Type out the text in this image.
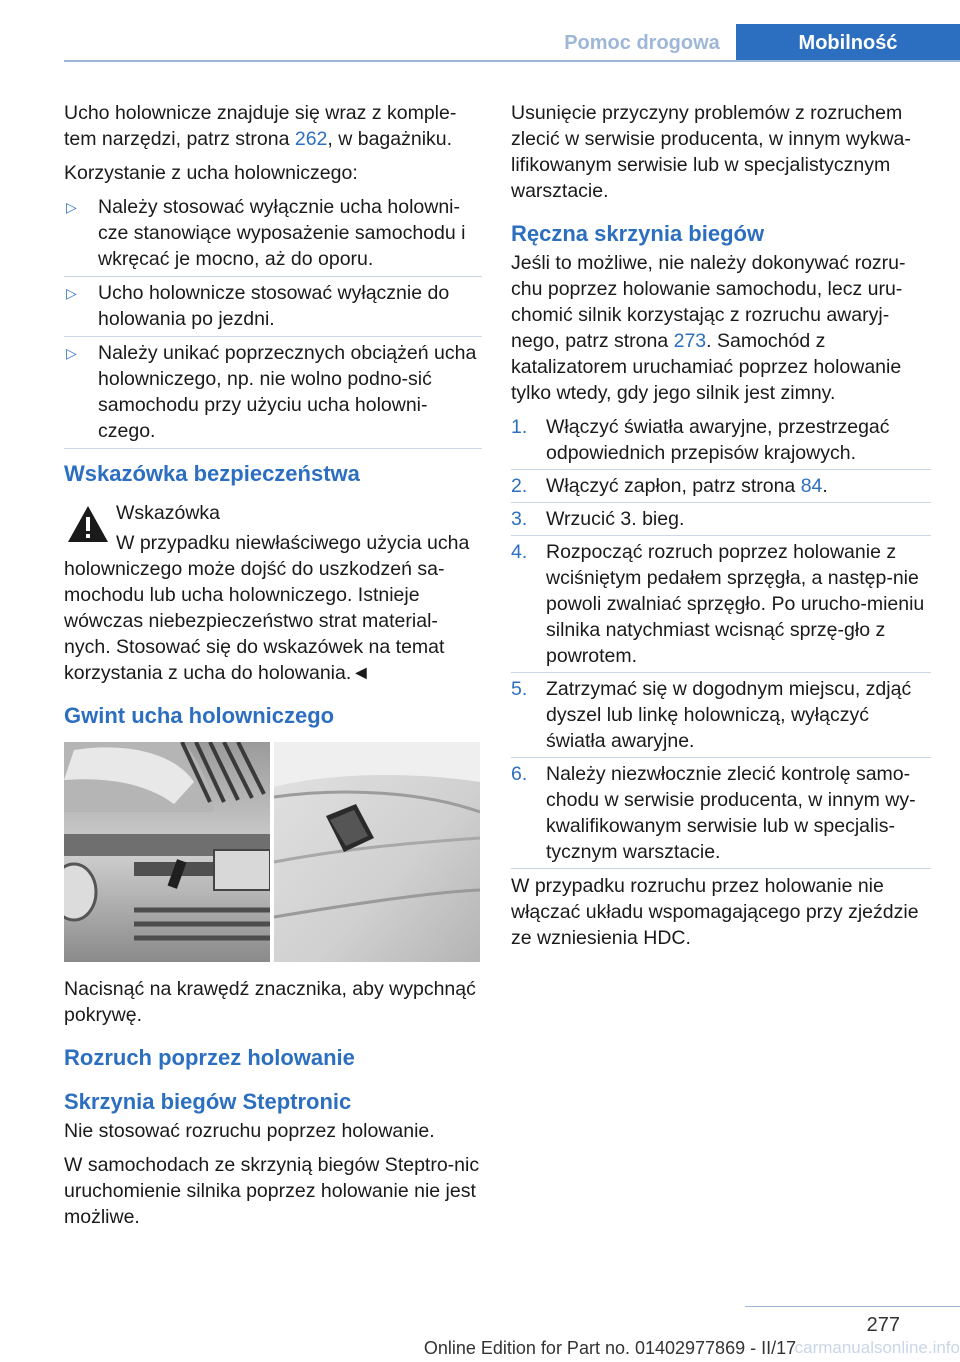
Pomoc drogowa	Mobilność

Ucho holownicze znajduje się wraz z komple-tem narzędzi, patrz strona 262, w bagażniku.

Korzystanie z ucha holowniczego:

▷ Należy stosować wyłącznie ucha holowni-cze stanowiące wyposażenie samochodu i wkręcać je mocno, aż do oporu.
▷ Ucho holownicze stosować wyłącznie do holowania po jezdni.
▷ Należy unikać poprzecznych obciążeń ucha holowniczego, np. nie wolno podno-sić samochodu przy użyciu ucha holowni-czego.
Wskazówka bezpieczeństwa
Wskazówka

W przypadku niewłaściwego użycia ucha
holowniczego może dojść do uszkodzeń sa-mochodu lub ucha holowniczego. Istnieje wówczas niebezpieczeństwo strat material-nych. Stosować się do wskazówek na temat korzystania z ucha do holowania.◄

Gwint ucha holowniczego

Nacisnąć na krawędź znacznika, aby wypchnąć pokrywę.

Rozruch poprzez holowanie
Skrzynia biegów Steptronic

Nie stosować rozruchu poprzez holowanie.

W samochodach ze skrzynią biegów Steptro-nic uruchomienie silnika poprzez holowanie nie jest możliwe.

Usunięcie przyczyny problemów z rozruchem zlecić w serwisie producenta, w innym wykwa-lifikowanym serwisie lub w specjalistycznym warsztacie.

Ręczna skrzynia biegów

Jeśli to możliwe, nie należy dokonywać rozru-chu poprzez holowanie samochodu, lecz uru-chomić silnik korzystając z rozruchu awaryj-nego, patrz strona 273. Samochód z katalizatorem uruchamiać poprzez holowanie tylko wtedy, gdy jego silnik jest zimny.

1. Włączyć światła awaryjne, przestrzegać odpowiednich przepisów krajowych.
2. Włączyć zapłon, patrz strona 84.
3. Wrzucić 3. bieg.
4. Rozpocząć rozruch poprzez holowanie z wciśniętym pedałem sprzęgła, a następ-nie powoli zwalniać sprzęgło. Po urucho-mieniu silnika natychmiast wcisnąć sprzę-gło z powrotem.
5. Zatrzymać się w dogodnym miejscu, zdjąć dyszel lub linkę holowniczą, wyłączyć światła awaryjne.
6. Należy niezwłocznie zlecić kontrolę samo-chodu w serwisie producenta, w innym wy-kwalifikowanym serwisie lub w specjalis-tycznym warsztacie.

W przypadku rozruchu przez holowanie nie włączać układu wspomagającego przy zjeździe ze wzniesienia HDC.

277
carmanualsonline.info
Online Edition for Part no. 01402977869 - II/17
